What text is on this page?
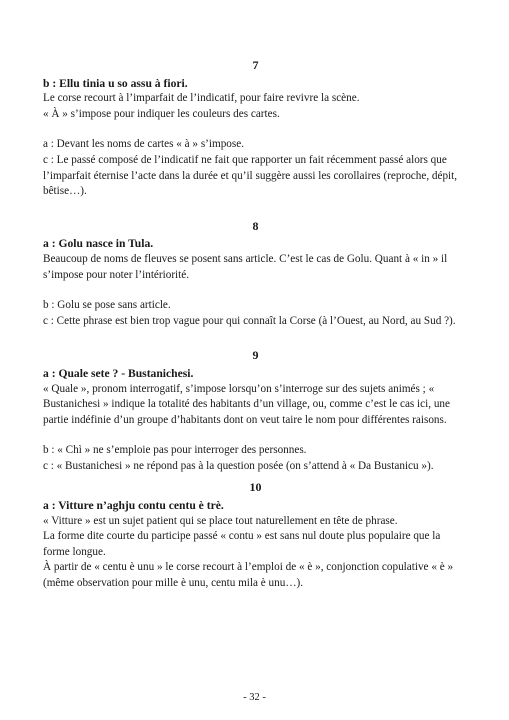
7
b : Ellu tinia u so assu à fiori.

Le corse recourt à l’imparfait de l’indicatif, pour faire revivre la scène.

« À » s’impose pour indiquer les couleurs des cartes.

a : Devant les noms de cartes « à » s’impose.

c : Le passé composé de l’indicatif ne fait que rapporter un fait récemment passé alors que l’imparfait éternise l’acte dans la durée et qu’il suggère aussi les corollaires (reproche, dépit, bêtise…).

8
a : Golu nasce in Tula.

Beaucoup de noms de fleuves se posent sans article. C’est le cas de Golu. Quant à « in » il s’impose pour noter l’intériorité.

b : Golu se pose sans article.

c : Cette phrase est bien trop vague pour qui connaît la Corse (à l’Ouest, au Nord, au Sud ?).

9
a : Quale sete ? - Bustanichesi.

« Quale », pronom interrogatif, s’impose lorsqu’on s’interroge sur des sujets animés ; « Bustanichesi » indique la totalité des habitants d’un village, ou, comme c’est le cas ici, une partie indéfinie d’un groupe d’habitants dont on veut taire le nom pour différentes raisons.

b : « Chì » ne s’emploie pas pour interroger des personnes.

c : « Bustanichesi » ne répond pas à la question posée (on s’attend à « Da Bustanicu »).

10
a : Vitture n’aghju contu centu è trè.

« Vitture » est un sujet patient qui se place tout naturellement en tête de phrase.

La forme dite courte du participe passé « contu » est sans nul doute plus populaire que la forme longue.

À partir de « centu è unu » le corse recourt à l’emploi de « è », conjonction copulative « è » (même observation pour mille è unu, centu mila è unu…).

- 32 -
